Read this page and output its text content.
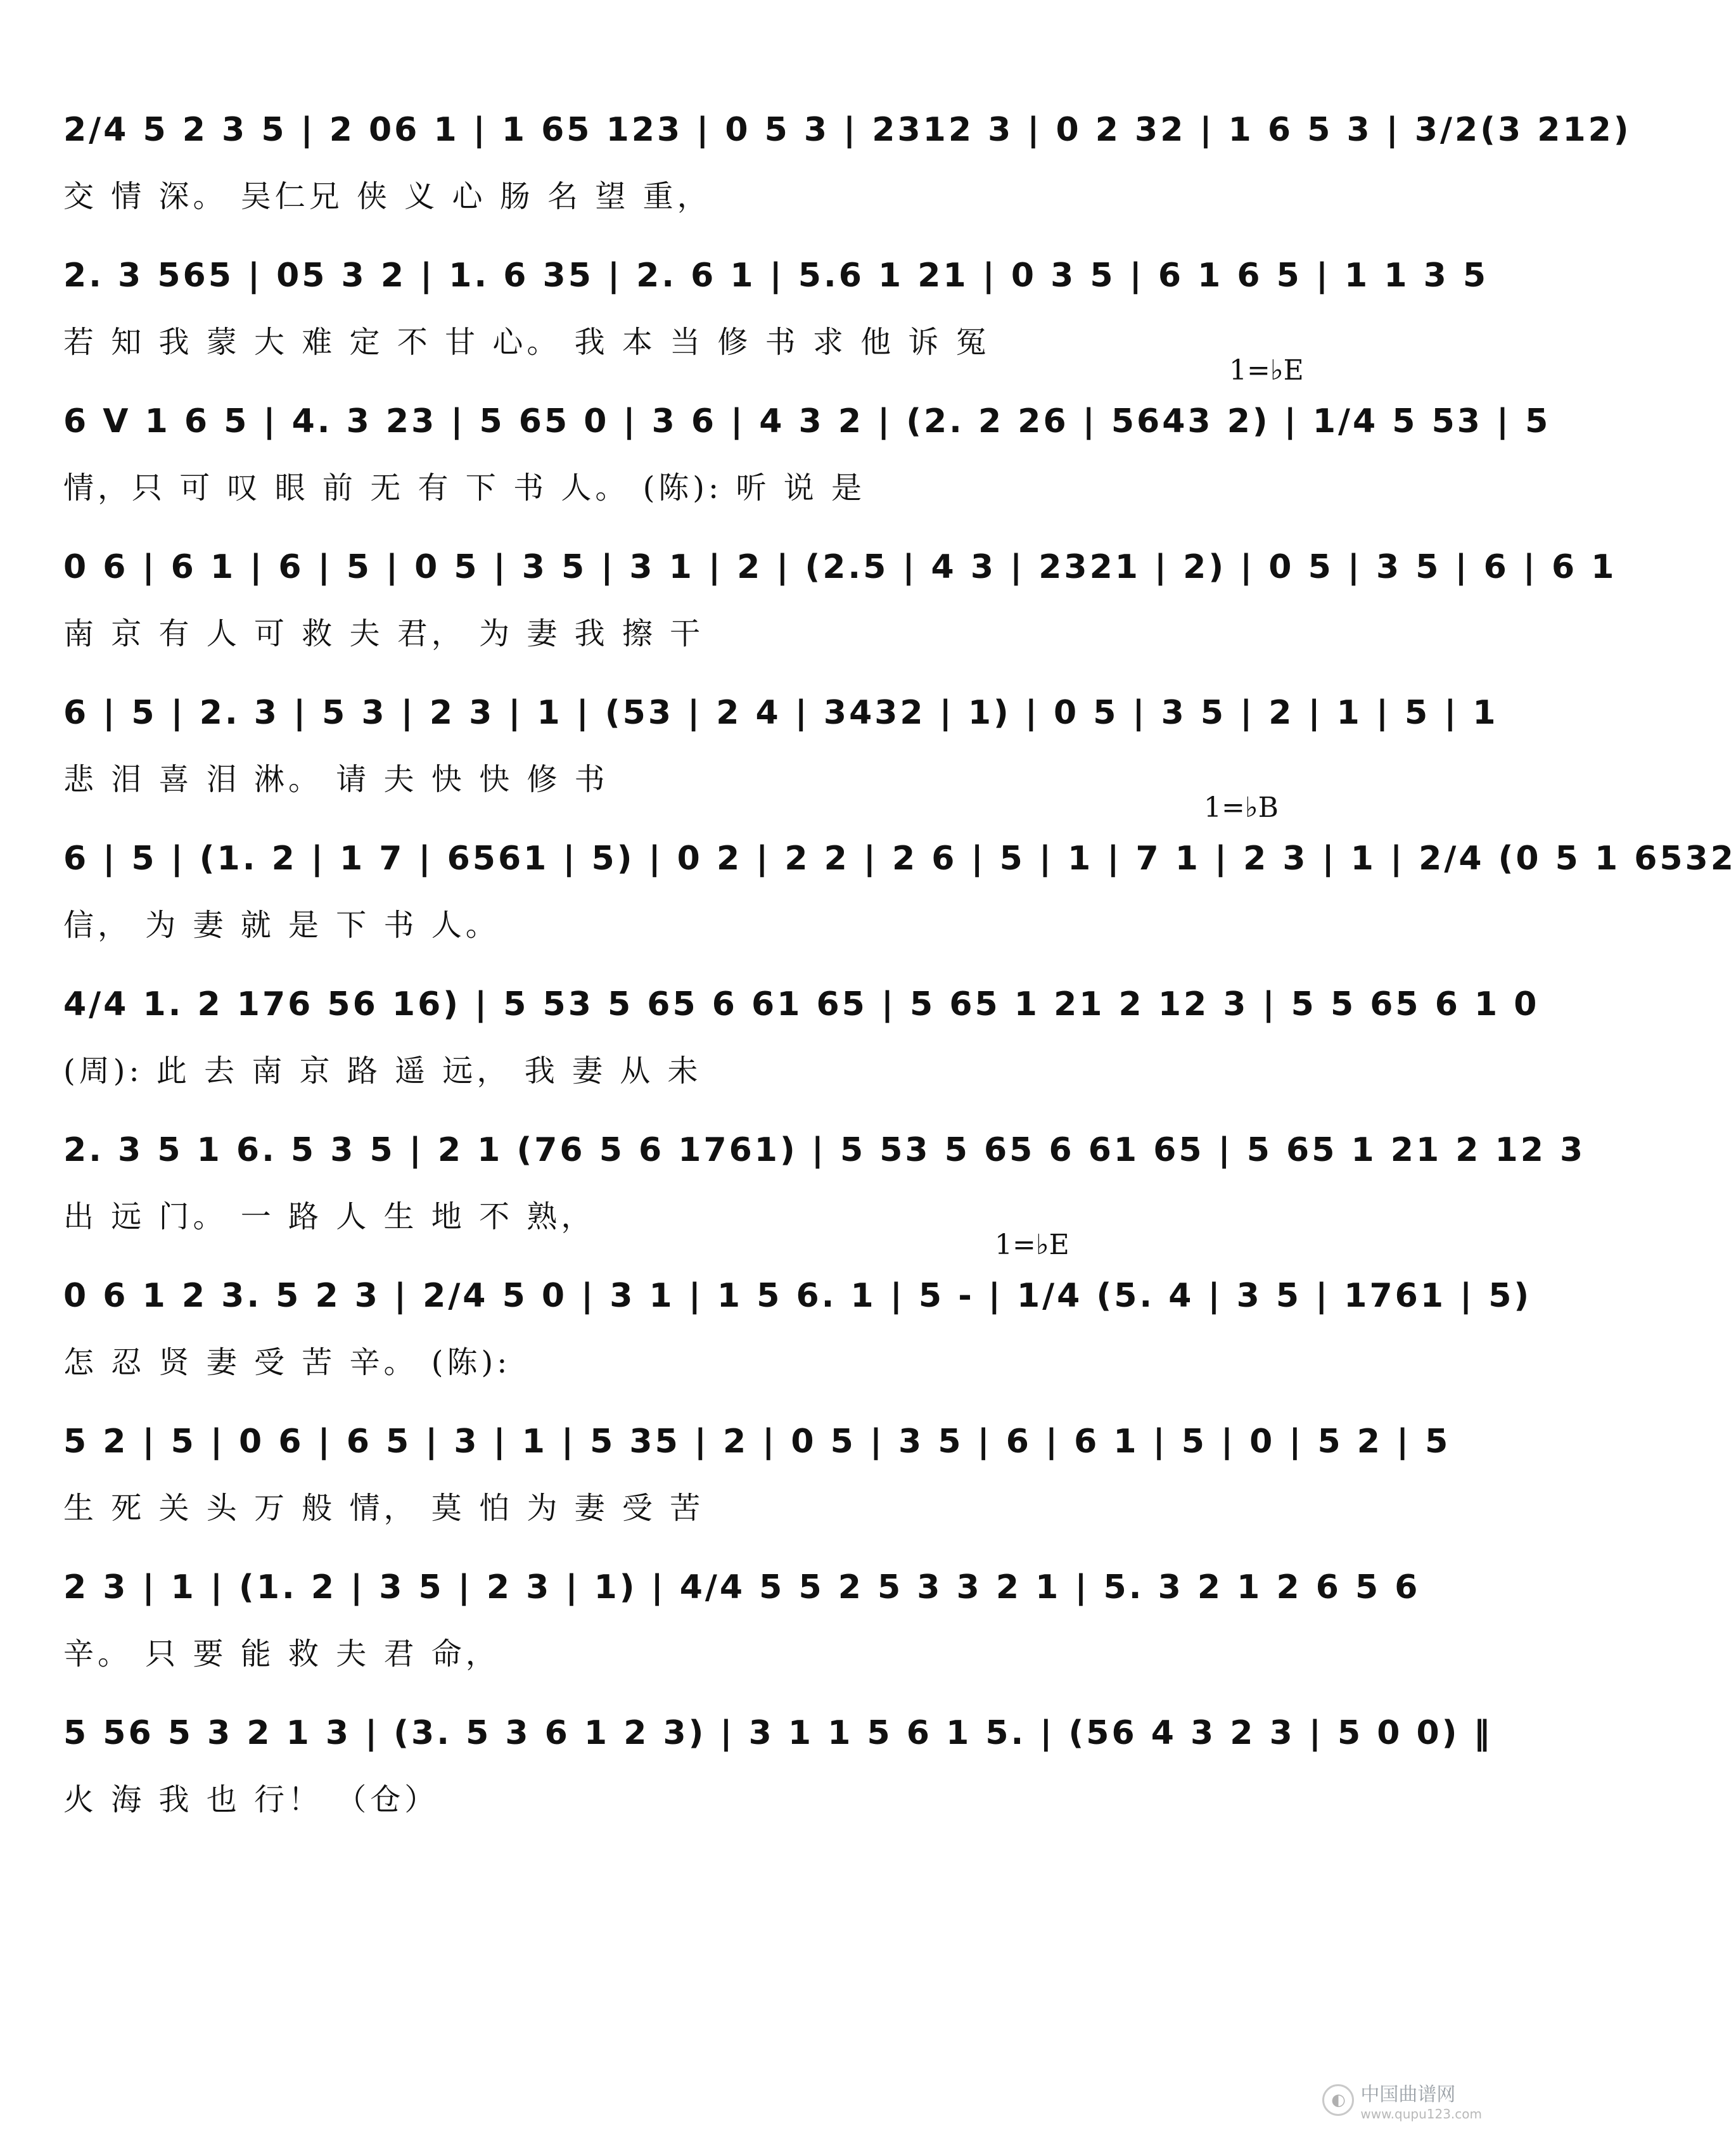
2/4 5 2 3 5 | 2 06 1 | 1 65 123 | 0 5 3 | 2312 3 | 0 2 32 | 1 6 5 3 | 3/2(3 212)
交 情 深。 吴仁兄 侠 义 心 肠 名 望 重，
2. 3 565 | 05 3 2 | 1. 6 35 | 2. 6 1 | 5.6 1 21 | 0 3 5 | 6 1 6 5 | 1 1 3 5
若 知 我 蒙 大 难 定 不 甘 心。 我 本 当 修 书 求 他 诉 冤
1=♭E
6 V 1 6 5 | 4. 3 23 | 5 65 0 | 3 6 | 4 3 2 | (2. 2 26 | 5643 2) | 1/4 5 53 | 5
情，只 可 叹 眼 前 无 有 下 书 人。 (陈): 听 说 是
0 6 | 6 1 | 6 | 5 | 0 5 | 3 5 | 3 1 | 2 | (2.5 | 4 3 | 2321 | 2) | 0 5 | 3 5 | 6 | 6 1
南 京 有 人 可 救 夫 君， 为 妻 我 擦 干
6 | 5 | 2. 3 | 5 3 | 2 3 | 1 | (53 | 2 4 | 3432 | 1) | 0 5 | 3 5 | 2 | 1 | 5 | 1
悲 泪 喜 泪 淋。 请 夫 快 快 修 书
1=♭B
6 | 5 | (1. 2 | 1 7 | 6561 | 5) | 0 2 | 2 2 | 2 6 | 5 | 1 | 7 1 | 2 3 | 1 | 2/4 (0 5 1 6532
信， 为 妻 就 是 下 书 人。
4/4 1. 2 176 56 16) | 5 53 5 65 6 61 65 | 5 65 1 21 2 12 3 | 5 5 65 6 1 0
(周): 此 去 南 京 路 遥 远， 我 妻 从 未
2. 3 5 1 6. 5 3 5 | 2 1 (76 5 6 1761) | 5 53 5 65 6 61 65 | 5 65 1 21 2 12 3
出 远 门。 一 路 人 生 地 不 熟，
1=♭E
0 6 1 2 3. 5 2 3 | 2/4 5 0 | 3 1 | 1 5 6. 1 | 5 - | 1/4 (5. 4 | 3 5 | 1761 | 5)
怎 忍 贤 妻 受 苦 辛。 (陈):
5 2 | 5 | 0 6 | 6 5 | 3 | 1 | 5 35 | 2 | 0 5 | 3 5 | 6 | 6 1 | 5 | 0 | 5 2 | 5
生 死 关 头 万 般 情， 莫 怕 为 妻 受 苦
2 3 | 1 | (1. 2 | 3 5 | 2 3 | 1) | 4/4 5 5 2 5 3 3 2 1 | 5. 3 2 1 2 6 5 6
辛。 只 要 能 救 夫 君 命，
5 56 5 3 2 1 3 | (3. 5 3 6 1 2 3) | 3 1 1 5 6 1 5. | (56 4 3 2 3 | 5 0 0) ‖
火 海 我 也 行！ （仓）
◐ 中国曲谱网
www.qupu123.com
